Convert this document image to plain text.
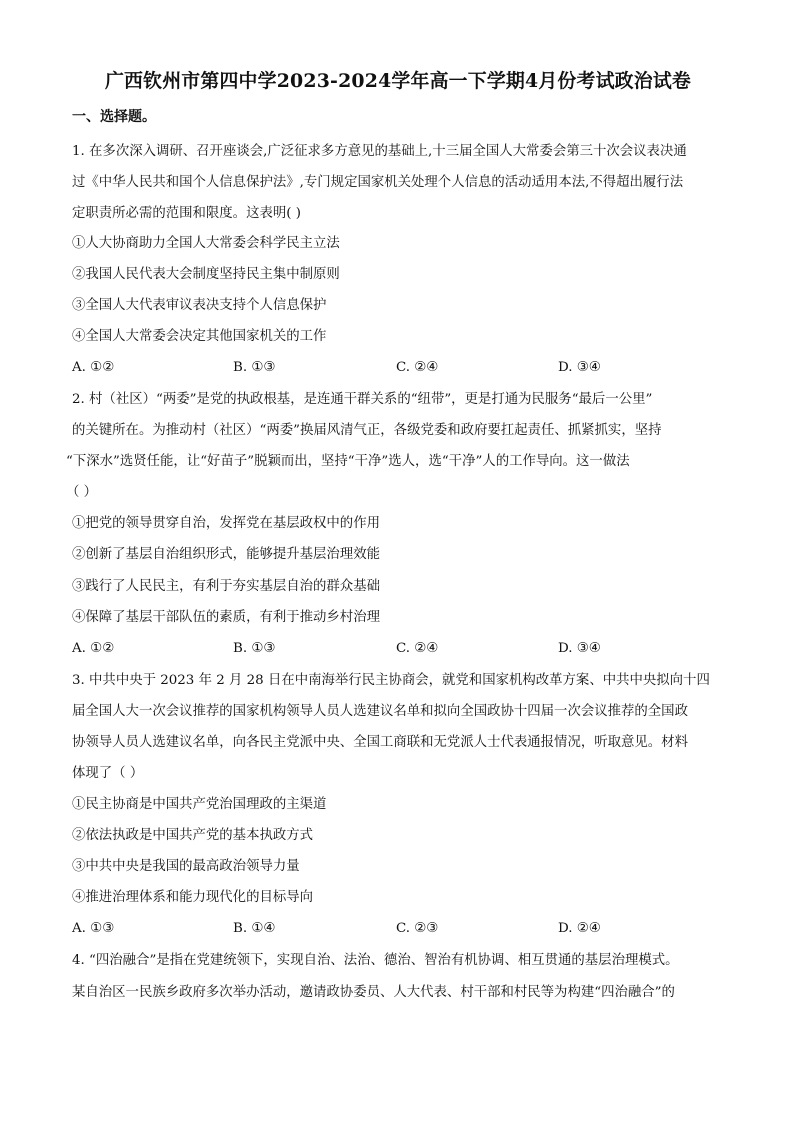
广西钦州市第四中学2023-2024学年高一下学期4月份考试政治试卷
一、选择题。
1. 在多次深入调研、召开座谈会,广泛征求多方意见的基础上,十三届全国人大常委会第三十次会议表决通
过《中华人民共和国个人信息保护法》,专门规定国家机关处理个人信息的活动适用本法,不得超出履行法
定职责所必需的范围和限度。这表明( )
①人大协商助力全国人大常委会科学民主立法
②我国人民代表大会制度坚持民主集中制原则
③全国人大代表审议表决支持个人信息保护
④全国人大常委会决定其他国家机关的工作
A. ①②	B. ①③	C. ②④	D. ③④
2. 村（社区）“两委”是党的执政根基，是连通干群关系的“纽带”，更是打通为民服务“最后一公里”
的关键所在。为推动村（社区）“两委”换届风清气正，各级党委和政府要扛起责任、抓紧抓实，坚持
“下深水”选贤任能，让“好苗子”脱颖而出，坚持“干净”选人，选“干净”人的工作导向。这一做法
（ ）
①把党的领导贯穿自治，发挥党在基层政权中的作用
②创新了基层自治组织形式，能够提升基层治理效能
③践行了人民民主，有利于夯实基层自治的群众基础
④保障了基层干部队伍的素质，有利于推动乡村治理
A. ①②	B. ①③	C. ②④	D. ③④
3. 中共中央于 2023 年 2 月 28 日在中南海举行民主协商会，就党和国家机构改革方案、中共中央拟向十四
届全国人大一次会议推荐的国家机构领导人员人选建议名单和拟向全国政协十四届一次会议推荐的全国政
协领导人员人选建议名单，向各民主党派中央、全国工商联和无党派人士代表通报情况，听取意见。材料
体现了（ ）
①民主协商是中国共产党治国理政的主渠道
②依法执政是中国共产党的基本执政方式
③中共中央是我国的最高政治领导力量
④推进治理体系和能力现代化的目标导向
A. ①③	B. ①④	C. ②③	D. ②④
4. “四治融合”是指在党建统领下，实现自治、法治、德治、智治有机协调、相互贯通的基层治理模式。
某自治区一民族乡政府多次举办活动，邀请政协委员、人大代表、村干部和村民等为构建“四治融合”的
